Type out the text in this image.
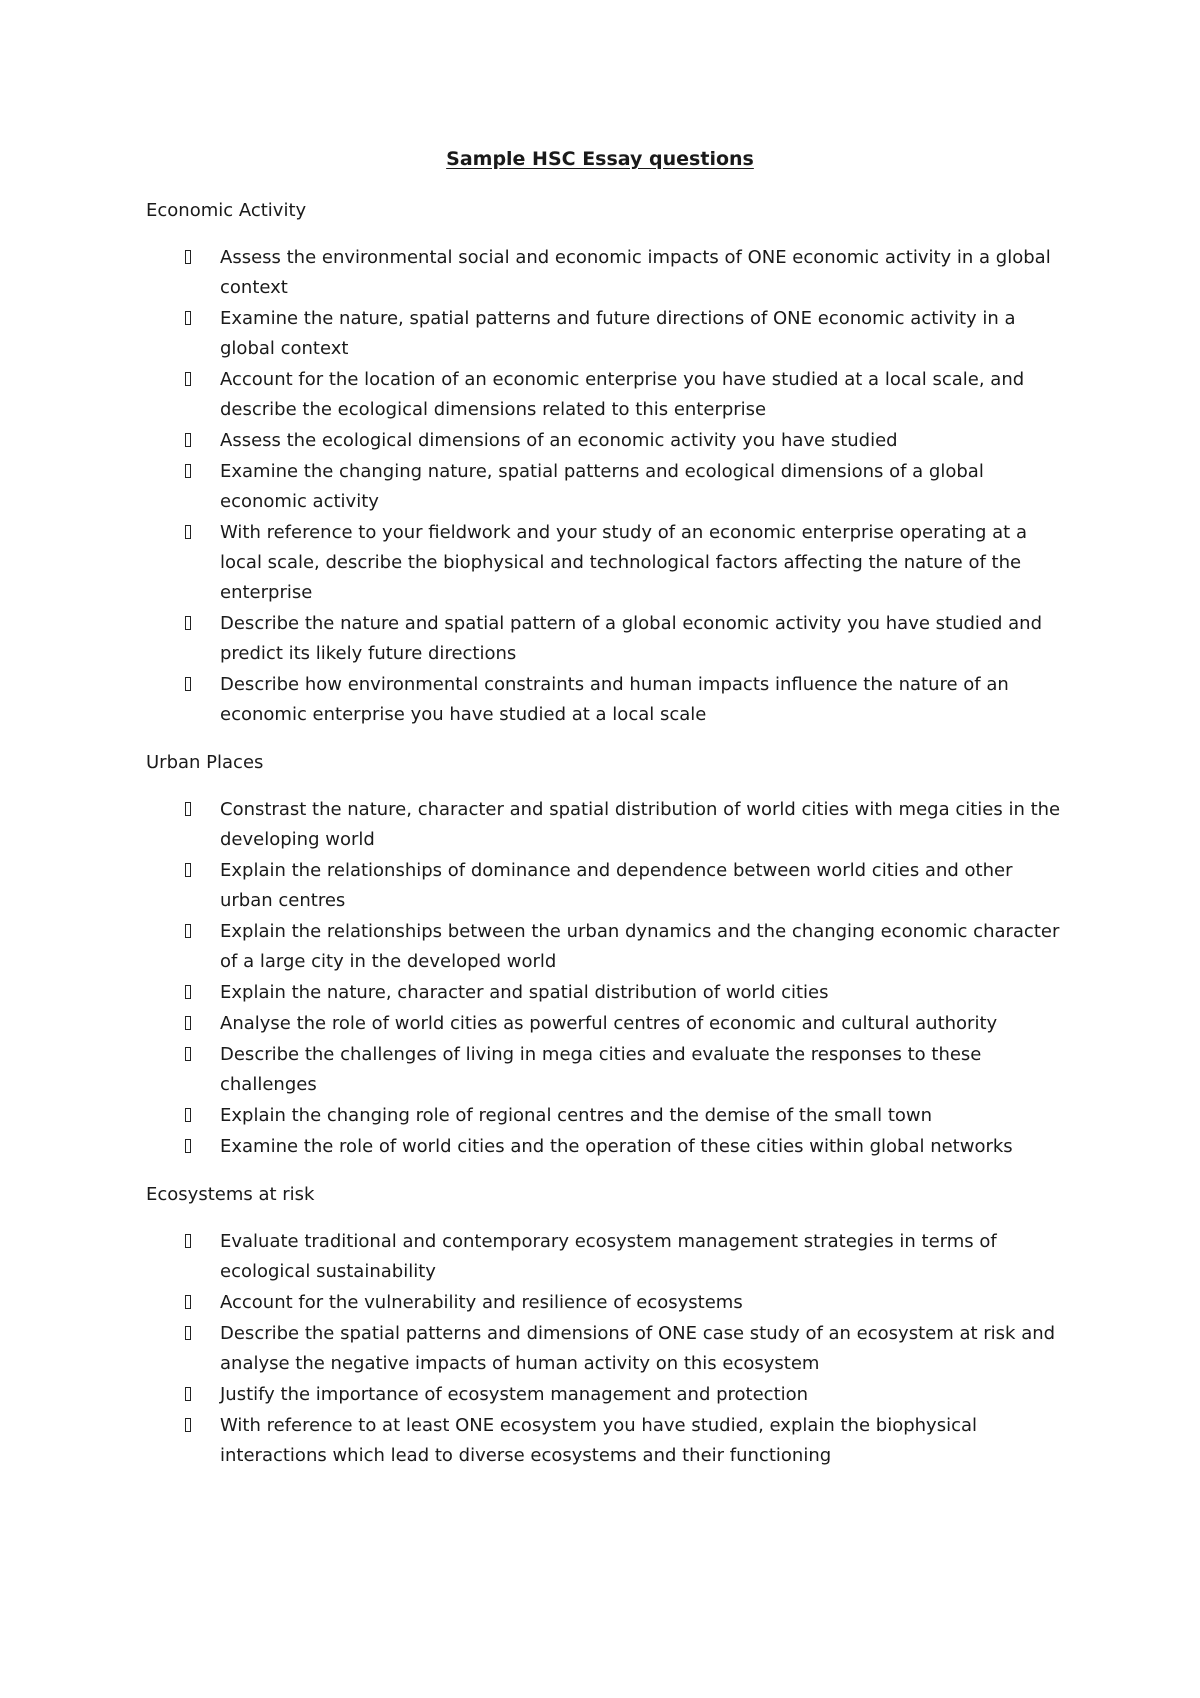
Sample HSC Essay questions
Economic Activity
Assess the environmental social and economic impacts of ONE economic activity in a global context
Examine the nature, spatial patterns and future directions of ONE economic activity in a global context
Account for the location of an economic enterprise you have studied at a local scale, and describe the ecological dimensions related to this enterprise
Assess the ecological dimensions of an economic activity you have studied
Examine the changing nature, spatial patterns and ecological dimensions of a global economic activity
With reference to your fieldwork and your study of an economic enterprise operating at a local scale, describe the biophysical and technological factors affecting the nature of the enterprise
Describe the nature and spatial pattern of a global economic activity you have studied and predict its likely future directions
Describe how environmental constraints and human impacts influence the nature of an economic enterprise you have studied at a local scale
Urban Places
Constrast the nature, character and spatial distribution of world cities with mega cities in the developing world
Explain the relationships of dominance and dependence between world cities and other urban centres
Explain the relationships between the urban dynamics and the changing economic character of a large city in the developed world
Explain the nature, character and spatial distribution of world cities
Analyse the role of world cities as powerful centres of economic and cultural authority
Describe the challenges of living in mega cities and evaluate the responses to these challenges
Explain the changing role of regional centres and the demise of the small town
Examine the role of world cities and the operation of these cities within global networks
Ecosystems at risk
Evaluate traditional and contemporary ecosystem management strategies in terms of ecological sustainability
Account for the vulnerability and resilience of ecosystems
Describe the spatial patterns and dimensions of ONE case study of an ecosystem at risk and analyse the negative impacts of human activity on this ecosystem
Justify the importance of ecosystem management and protection
With reference to at least ONE ecosystem you have studied, explain the biophysical interactions which lead to diverse ecosystems and their functioning
